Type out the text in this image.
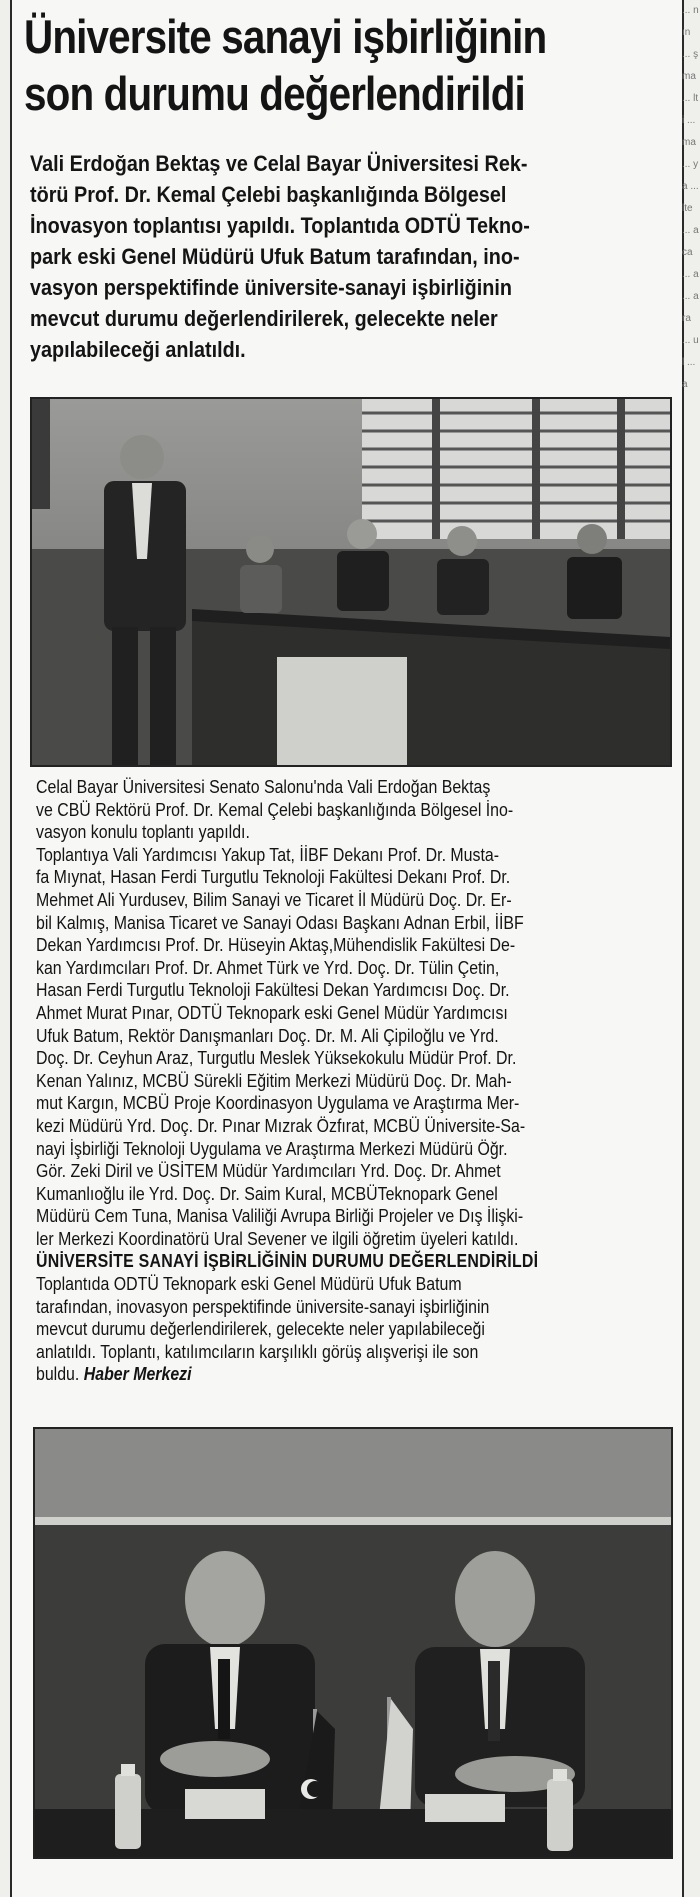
... nın ... şma ... lti ... ma ... ya ... lte ... aca ... a ... ara ... ul ... a
Üniversite sanayi işbirliğinin
son durumu değerlendirildi
Vali Erdoğan Bektaş ve Celal Bayar Üniversitesi Rek-
törü Prof. Dr. Kemal Çelebi başkanlığında Bölgesel
İnovasyon toplantısı yapıldı. Toplantıda ODTÜ Tekno-
park eski Genel Müdürü Ufuk Batum tarafından, ino-
vasyon perspektifinde üniversite-sanayi işbirliğinin
mevcut durumu değerlendirilerek, gelecekte neler
yapılabileceği anlatıldı.
Celal Bayar Üniversitesi Senato Salonu'nda Vali Erdoğan Bektaş
ve CBÜ Rektörü Prof. Dr. Kemal Çelebi başkanlığında Bölgesel İno-
vasyon konulu toplantı yapıldı.
Toplantıya Vali Yardımcısı Yakup Tat, İİBF Dekanı Prof. Dr. Musta-
fa Mıynat, Hasan Ferdi Turgutlu Teknoloji Fakültesi Dekanı Prof. Dr.
Mehmet Ali Yurdusev, Bilim Sanayi ve Ticaret İl Müdürü Doç. Dr. Er-
bil Kalmış, Manisa Ticaret ve Sanayi Odası Başkanı Adnan Erbil, İİBF
Dekan Yardımcısı Prof. Dr. Hüseyin Aktaş,Mühendislik Fakültesi De-
kan Yardımcıları Prof. Dr. Ahmet Türk ve Yrd. Doç. Dr. Tülin Çetin,
Hasan Ferdi Turgutlu Teknoloji Fakültesi Dekan Yardımcısı Doç. Dr.
Ahmet Murat Pınar, ODTÜ Teknopark eski Genel Müdür Yardımcısı
Ufuk Batum, Rektör Danışmanları Doç. Dr. M. Ali Çipiloğlu ve Yrd.
Doç. Dr. Ceyhun Araz, Turgutlu Meslek Yüksekokulu Müdür Prof. Dr.
Kenan Yalınız, MCBÜ Sürekli Eğitim Merkezi Müdürü Doç. Dr. Mah-
mut Kargın, MCBÜ Proje Koordinasyon Uygulama ve Araştırma Mer-
kezi Müdürü Yrd. Doç. Dr. Pınar Mızrak Özfırat, MCBÜ Üniversite-Sa-
nayi İşbirliği Teknoloji Uygulama ve Araştırma Merkezi Müdürü Öğr.
Gör. Zeki Diril ve ÜSİTEM Müdür Yardımcıları Yrd. Doç. Dr. Ahmet
Kumanlıoğlu ile Yrd. Doç. Dr. Saim Kural, MCBÜTeknopark Genel
Müdürü Cem Tuna, Manisa Valiliği Avrupa Birliği Projeler ve Dış İlişki-
ler Merkezi Koordinatörü Ural Sevener ve ilgili öğretim üyeleri katıldı.
ÜNİVERSİTE SANAYİ İŞBİRLİĞİNİN DURUMU DEĞERLENDİRİLDİ
Toplantıda ODTÜ Teknopark eski Genel Müdürü Ufuk Batum
tarafından, inovasyon perspektifinde üniversite-sanayi işbirliğinin
mevcut durumu değerlendirilerek, gelecekte neler yapılabileceği
anlatıldı. Toplantı, katılımcıların karşılıklı görüş alışverişi ile son
buldu. Haber Merkezi
